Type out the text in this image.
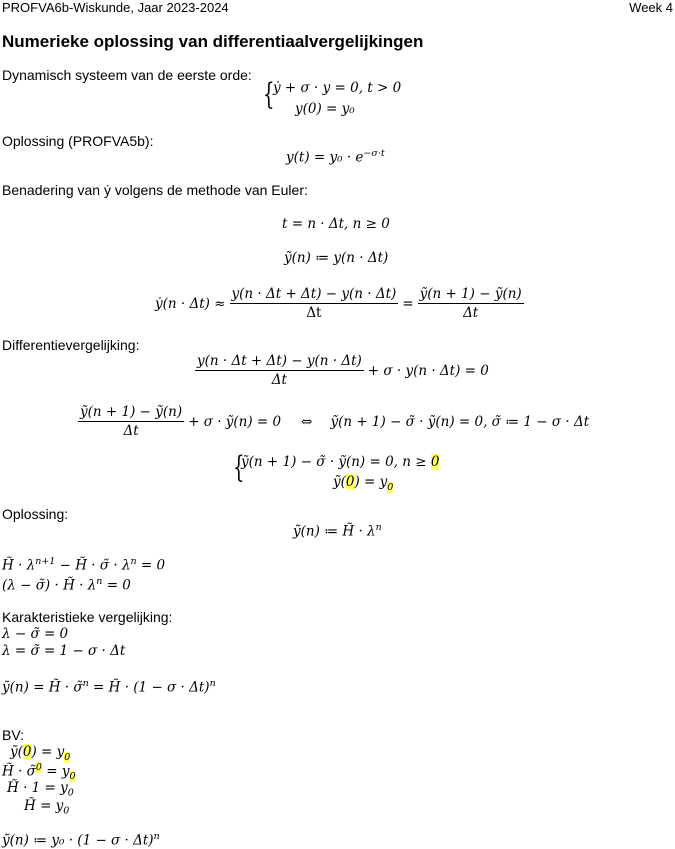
PROFVA6b-Wiskunde, Jaar 2023-2024	Week 4
Numerieke oplossing van differentiaalvergelijkingen
Dynamisch systeem van de eerste orde:
{
ẏ + σ · y = 0, t > 0
y(0) = y₀
Oplossing (PROFVA5b):
$y(t) = y_0 \cdot e^{-\sigma\cdot t}$
Benadering van ẏ volgens de methode van Euler:
t = n · Δt, n ≥ 0
ỹ(n) ≔ y(n · Δt)
ẏ(n · $\Delta t) \approx \frac{y(n \cdot \Delta t + \Delta t) - y(n \cdot \Delta t)}{\Delta t} = \frac{\text{ỹ(n + 1) − ỹ(n)}}{\Delta t}$
Differentievergelijking:
$\frac{y(n \cdot \Delta t + \Delta t) - y(n \cdot \Delta t)}{\Delta t} + \sigma \cdot y(n \cdot \Delta t) = 0$
$\frac{\text{ỹ(n + 1) − ỹ(n)}}{\Delta t} + \sigma$ · ỹ(n) = 0 ⇔ ỹ(n + 1) − σ̃ · ỹ(n) = 0, σ̃ ≔ 1 − σ · Δt
{
ỹ(n + 1) − σ̃ · ỹ(n) = 0, n ≥ 0
ỹ(0) = $y_0$
Oplossing:
ỹ(n) ≔ H̃ · $\lambda^n$
H̃ · $\lambda^{n+1}$ − H̃ · σ̃ · $\lambda^n = 0$
(λ − σ̃) · H̃ · $\lambda^n = 0$
Karakteristieke vergelijking:
λ − σ̃ = 0
λ = σ̃ = 1 − σ · Δt
ỹ(n) = H̃ · σ̃$^n$ = H̃ · $(1 - \sigma \cdot \Delta t)^n$
BV:
ỹ(0) = $y_0$
H̃ · σ̃$^0$ = $y_0$
H̃ · $1 = y_0$
H̃ = $y_0$
ỹ(n) ≔ $y_0 \cdot (1 - \sigma \cdot \Delta t)^n$
